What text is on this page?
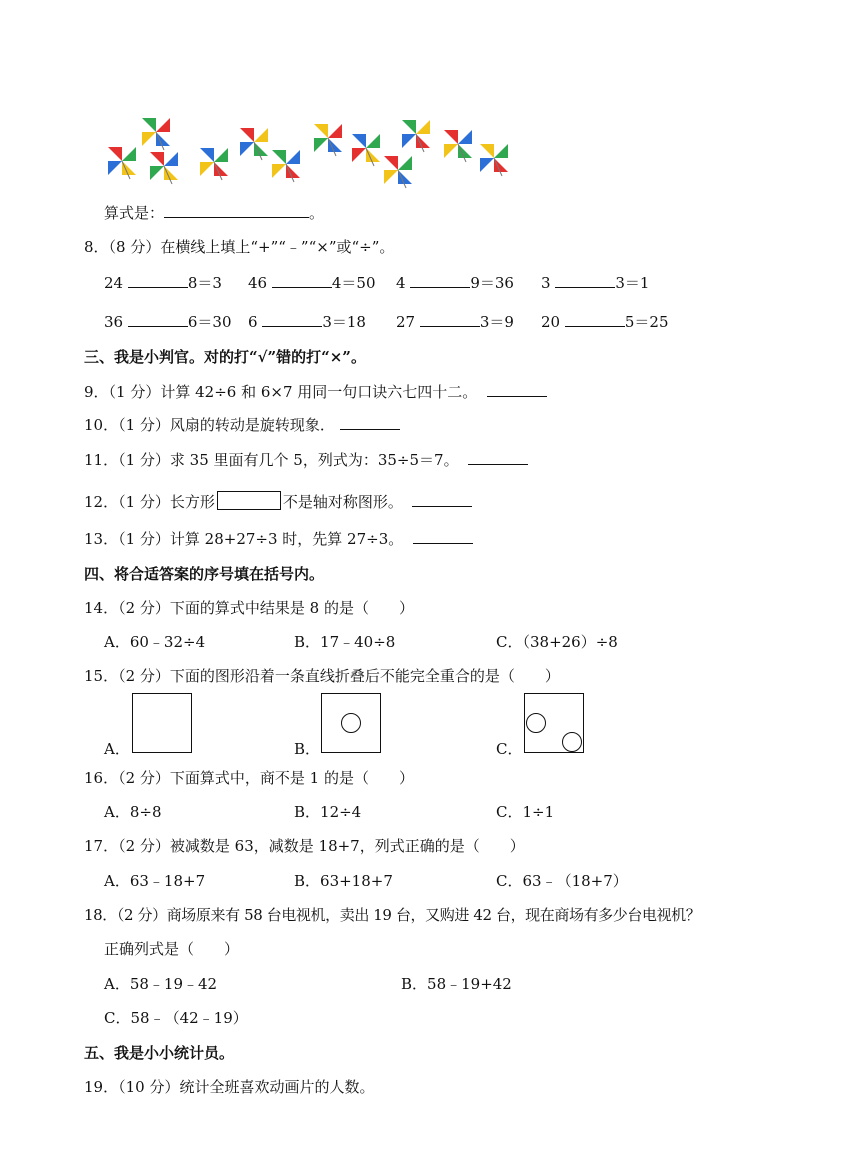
算式是：	。
8．（8 分）在横线上填上“+”“﹣”“×”或“÷”。
24	8＝3 46	4＝50 4	9＝36 3	3＝1
36	6＝30 6	3＝18 27	3＝9 20	5＝25
三、我是小判官。对的打“√”错的打“×”。
9．（1 分）计算 42÷6 和 6×7 用同一句口诀六七四十二。
10．（1 分）风扇的转动是旋转现象．
11．（1 分）求 35 里面有几个 5，列式为：35÷5＝7。
12．（1 分）长方形	不是轴对称图形。
13．（1 分）计算 28+27÷3 时，先算 27÷3。
四、将合适答案的序号填在括号内。
14．（2 分）下面的算式中结果是 8 的是（　　）
A．60﹣32÷4	B．17﹣40÷8	C．（38+26）÷8
15．（2 分）下面的图形沿着一条直线折叠后不能完全重合的是（　　）
A．	B．	C．
16．（2 分）下面算式中，商不是 1 的是（　　）
A．8÷8	B．12÷4	C．1÷1
17．（2 分）被减数是 63，减数是 18+7，列式正确的是（　　）
A．63﹣18+7	B．63+18+7	C．63﹣（18+7）
18．（2 分）商场原来有 58 台电视机，卖出 19 台，又购进 42 台，现在商场有多少台电视机？
正确列式是（　　）
A．58﹣19﹣42	B．58﹣19+42
C．58﹣（42﹣19）
五、我是小小统计员。
19．（10 分）统计全班喜欢动画片的人数。
